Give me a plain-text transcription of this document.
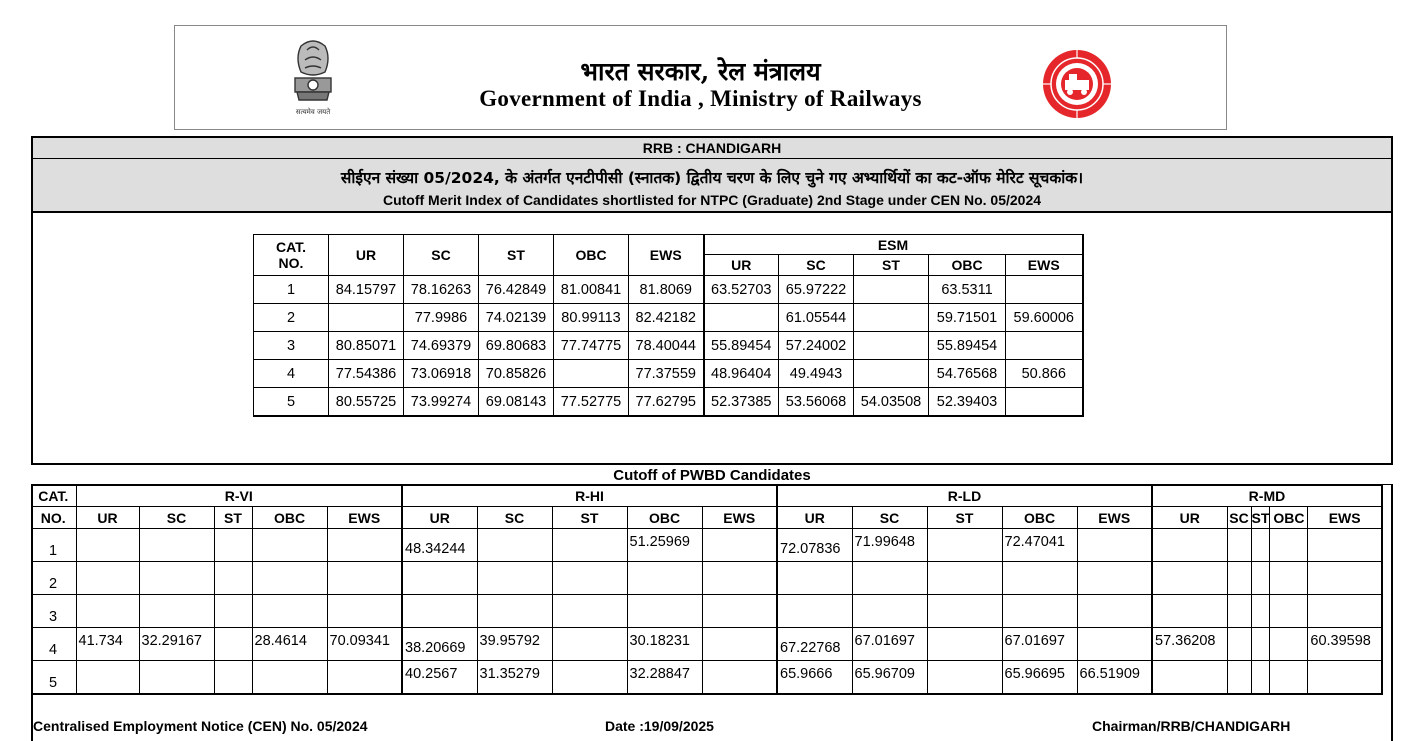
सत्यमेव जयते
भारत सरकार, रेल मंत्रालय
Government of India , Ministry of Railways
RRB : CHANDIGARH
सीईएन संख्या 05/2024, के अंतर्गत एनटीपीसी (स्नातक) द्वितीय चरण के लिए चुने गए अभ्यार्थियों का कट-ऑफ मेरिट सूचकांक।
Cutoff Merit Index of Candidates shortlisted for NTPC (Graduate) 2nd Stage under CEN No. 05/2024
CAT.
NO.	UR	SC	ST	OBC	EWS	ESM				
						UR	SC	ST	OBC	EWS
1	84.15797	78.16263	76.42849	81.00841	81.8069	63.52703	65.97222		63.5311	
2		77.9986	74.02139	80.99113	82.42182		61.05544		59.71501	59.60006
3	80.85071	74.69379	69.80683	77.74775	78.40044	55.89454	57.24002		55.89454	
4	77.54386	73.06918	70.85826		77.37559	48.96404	49.4943		54.76568	50.866
5	80.55725	73.99274	69.08143	77.52775	77.62795	52.37385	53.56068	54.03508	52.39403	
Cutoff of PWBD Candidates
CAT.	R-VI					R-HI					R-LD					R-MD				
NO.	UR	SC	ST	OBC	EWS	UR	SC	ST	OBC	EWS	UR	SC	ST	OBC	EWS	UR	SC	ST	OBC	EWS
1						48.34244			51.25969		72.07836	71.99648		72.47041						
2																				
3																				
4	41.734	32.29167		28.4614	70.09341	38.20669	39.95792		30.18231		67.22768	67.01697		67.01697		57.36208				60.39598
5						40.2567	31.35279		32.28847		65.9666	65.96709		65.96695	66.51909					
Centralised Employment Notice (CEN) No. 05/2024	Date :19/09/2025	Chairman/RRB/CHANDIGARH
